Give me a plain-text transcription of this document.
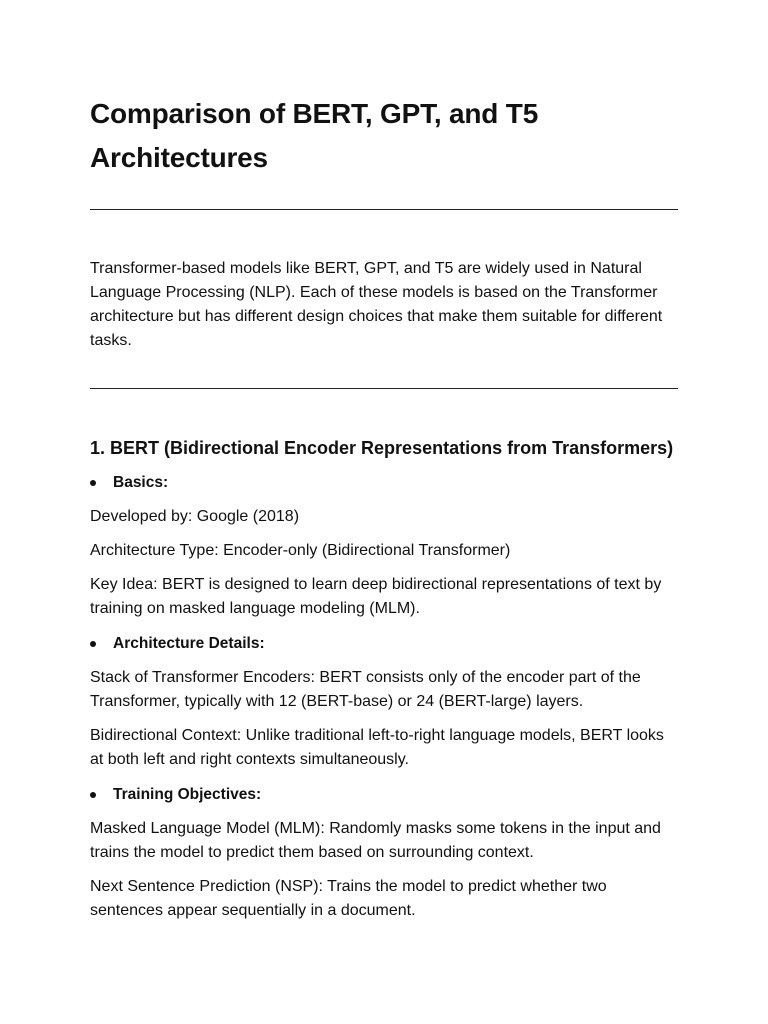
Comparison of BERT, GPT, and T5 Architectures

Transformer-based models like BERT, GPT, and T5 are widely used in Natural Language Processing (NLP). Each of these models is based on the Transformer architecture but has different design choices that make them suitable for different tasks.

1. BERT (Bidirectional Encoder Representations from Transformers)
Basics:

Developed by: Google (2018)

Architecture Type: Encoder-only (Bidirectional Transformer)

Key Idea: BERT is designed to learn deep bidirectional representations of text by training on masked language modeling (MLM).

Architecture Details:

Stack of Transformer Encoders: BERT consists only of the encoder part of the Transformer, typically with 12 (BERT-base) or 24 (BERT-large) layers.

Bidirectional Context: Unlike traditional left-to-right language models, BERT looks at both left and right contexts simultaneously.

Training Objectives:

Masked Language Model (MLM): Randomly masks some tokens in the input and trains the model to predict them based on surrounding context.

Next Sentence Prediction (NSP): Trains the model to predict whether two sentences appear sequentially in a document.
